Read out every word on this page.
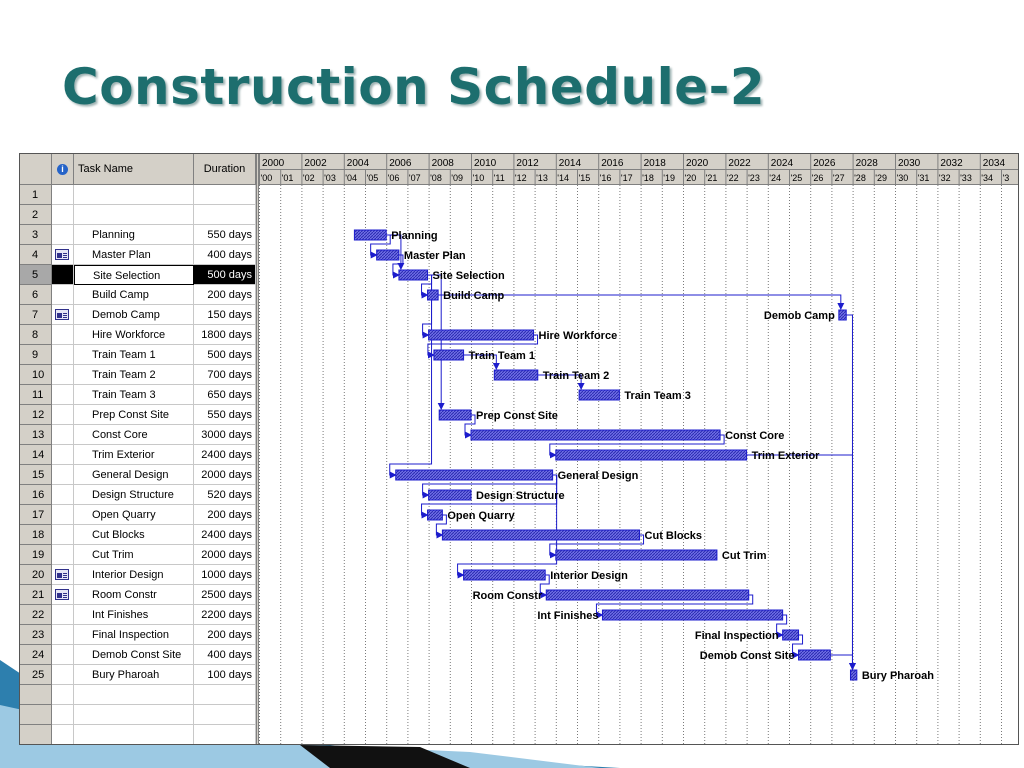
Construction Schedule-2
i	Task Name	Duration
1
2
3	Planning	550 days
4	Master Plan	400 days
5	Site Selection	500 days
6	Build Camp	200 days
7	Demob Camp	150 days
8	Hire Workforce	1800 days
9	Train Team 1	500 days
10	Train Team 2	700 days
11	Train Team 3	650 days
12	Prep Const Site	550 days
13	Const Core	3000 days
14	Trim Exterior	2400 days
15	General Design	2000 days
16	Design Structure	520 days
17	Open Quarry	200 days
18	Cut Blocks	2400 days
19	Cut Trim	2000 days
20	Interior Design	1000 days
21	Room Constr	2500 days
22	Int Finishes	2200 days
23	Final Inspection	200 days
24	Demob Const Site	400 days
25	Bury Pharoah	100 days
2000 2002 2004 2006 2008 2010 2012 2014 2016 2018 2020 2022 2024 2026 2028 2030 2032 2034
'00 '01 '02 '03 '04 '05 '06 '07 '08 '09 '10 '11 '12 '13 '14 '15 '16 '17 '18 '19 '20 '21 '22 '23 '24 '25 '26 '27 '28 '29 '30 '31 '32 '33 '34 '3
Planning
Master Plan
Site Selection
Build Camp
Demob Camp
Hire Workforce
Train Team 1
Train Team 2
Train Team 3
Prep Const Site
Const Core
Trim Exterior
General Design
Design Structure
Open Quarry
Cut Blocks
Cut Trim
Interior Design
Room Constr
Int Finishes
Final Inspection
Demob Const Site
Bury Pharoah
